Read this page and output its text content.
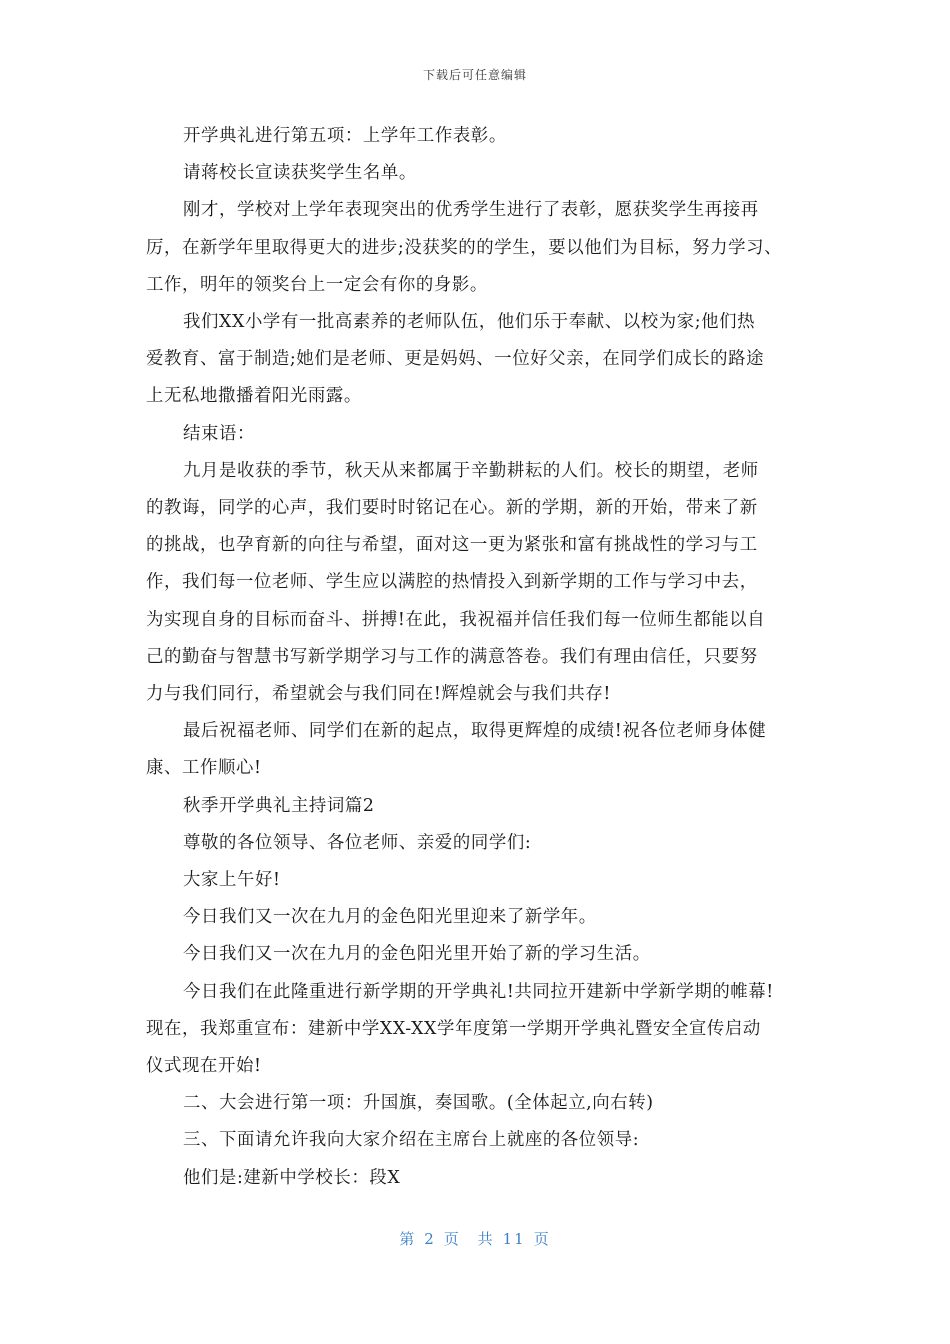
下载后可任意编辑
开学典礼进行第五项：上学年工作表彰。
请蒋校长宣读获奖学生名单。
刚才，学校对上学年表现突出的优秀学生进行了表彰，愿获奖学生再接再
厉，在新学年里取得更大的进步;没获奖的的学生，要以他们为目标，努力学习、
工作，明年的领奖台上一定会有你的身影。
我们XX小学有一批高素养的老师队伍，他们乐于奉献、以校为家;他们热
爱教育、富于制造;她们是老师、更是妈妈、一位好父亲，在同学们成长的路途
上无私地撒播着阳光雨露。
结束语：
九月是收获的季节，秋天从来都属于辛勤耕耘的人们。校长的期望，老师
的教诲，同学的心声，我们要时时铭记在心。新的学期，新的开始，带来了新
的挑战，也孕育新的向往与希望，面对这一更为紧张和富有挑战性的学习与工
作，我们每一位老师、学生应以满腔的热情投入到新学期的工作与学习中去，
为实现自身的目标而奋斗、拼搏!在此，我祝福并信任我们每一位师生都能以自
己的勤奋与智慧书写新学期学习与工作的满意答卷。我们有理由信任，只要努
力与我们同行，希望就会与我们同在!辉煌就会与我们共存!
最后祝福老师、同学们在新的起点，取得更辉煌的成绩!祝各位老师身体健
康、工作顺心!
秋季开学典礼主持词篇2
尊敬的各位领导、各位老师、亲爱的同学们:
大家上午好!
今日我们又一次在九月的金色阳光里迎来了新学年。
今日我们又一次在九月的金色阳光里开始了新的学习生活。
今日我们在此隆重进行新学期的开学典礼!共同拉开建新中学新学期的帷幕!
现在，我郑重宣布：建新中学XX-XX学年度第一学期开学典礼暨安全宣传启动
仪式现在开始!
二、大会进行第一项：升国旗，奏国歌。(全体起立,向右转)
三、下面请允许我向大家介绍在主席台上就座的各位领导:
他们是:建新中学校长：段X
第 2 页 共 11 页
